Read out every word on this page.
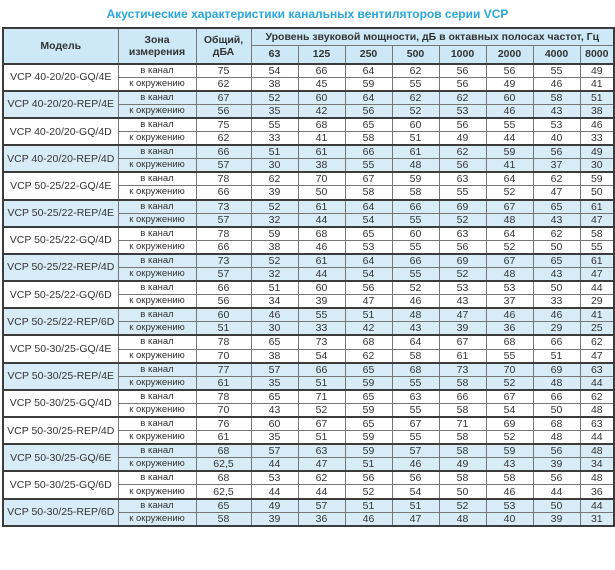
Акустические характеристики канальных вентиляторов серии VCP
Модель	Зона измерения	Общий,
дБА	Уровень звуковой мощности, дБ в октавных полосах частот, Гц							
			63	125	250	500	1000	2000	4000	8000
VCP 40-20/20-GQ/4E	в канал	75	54	66	64	62	56	56	55	49
	к окружению	62	38	45	59	55	56	49	46	41
VCP 40-20/20-REP/4E	в канал	67	52	60	64	62	62	60	58	51
	к окружению	56	35	42	56	52	53	46	43	38
VCP 40-20/20-GQ/4D	в канал	75	55	68	65	60	56	55	53	46
	к окружению	62	33	41	58	51	49	44	40	33
VCP 40-20/20-REP/4D	в канал	66	51	61	66	61	62	59	56	49
	к окружению	57	30	38	55	48	56	41	37	30
VCP 50-25/22-GQ/4E	в канал	78	62	70	67	59	63	64	62	59
	к окружению	66	39	50	58	58	55	52	47	50
VCP 50-25/22-REP/4E	в канал	73	52	61	64	66	69	67	65	61
	к окружению	57	32	44	54	55	52	48	43	47
VCP 50-25/22-GQ/4D	в канал	78	59	68	65	60	63	64	62	58
	к окружению	66	38	46	53	55	56	52	50	55
VCP 50-25/22-REP/4D	в канал	73	52	61	64	66	69	67	65	61
	к окружению	57	32	44	54	55	52	48	43	47
VCP 50-25/22-GQ/6D	в канал	66	51	60	56	52	53	53	50	44
	к окружению	56	34	39	47	46	43	37	33	29
VCP 50-25/22-REP/6D	в канал	60	46	55	51	48	47	46	46	41
	к окружению	51	30	33	42	43	39	36	29	25
VCP 50-30/25-GQ/4E	в канал	78	65	73	68	64	67	68	66	62
	к окружению	70	38	54	62	58	61	55	51	47
VCP 50-30/25-REP/4E	в канал	77	57	66	65	68	73	70	69	63
	к окружению	61	35	51	59	55	58	52	48	44
VCP 50-30/25-GQ/4D	в канал	78	65	71	65	63	66	67	66	62
	к окружению	70	43	52	59	55	58	54	50	48
VCP 50-30/25-REP/4D	в канал	76	60	67	65	67	71	69	68	63
	к окружению	61	35	51	59	55	58	52	48	44
VCP 50-30/25-GQ/6E	в канал	68	57	63	59	57	58	59	56	48
	к окружению	62,5	44	47	51	46	49	43	39	34
VCP 50-30/25-GQ/6D	в канал	68	53	62	56	56	58	58	56	48
	к окружению	62,5	44	44	52	54	50	46	44	36
VCP 50-30/25-REP/6D	в канал	65	49	57	51	51	52	53	50	44
	к окружению	58	39	36	46	47	48	40	39	31
